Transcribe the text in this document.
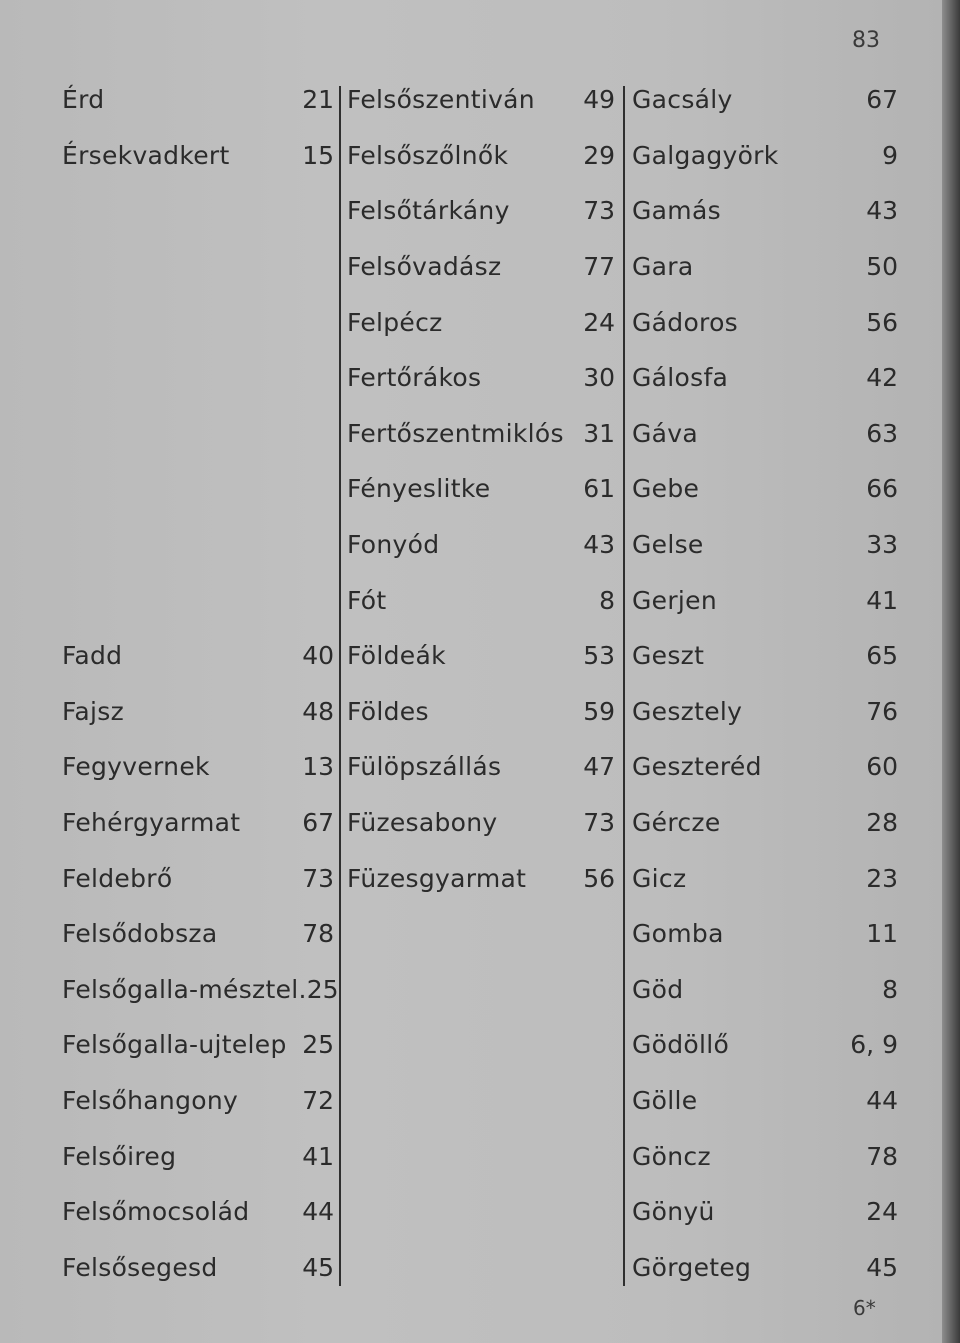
83
Érd	21
Érsekvadkert	15
Fadd	40
Fajsz	48
Fegyvernek	13
Fehérgyarmat 67
Feldebrő	73
Felsődobsza	78
Felsőgalla-mésztel. 25
Felsőgalla-ujtelep 25
Felsőhangony	72
Felsőireg	41
Felsőmocsolád 44
Felsősegesd	45
Felsőszentiván 49
Felsőszőlnők	29
Felsőtárkány	73
Felsővadász	77
Felpécz	24
Fertőrákos	30
Fertőszentmiklós 31
Fényeslitke	61
Fonyód	43
Fót	8
Földeák	53
Földes	59
Fülöpszállás	47
Füzesabony	73
Füzesgyarmat 56
Gacsály	67
Galgagyörk	9
Gamás	43
Gara	50
Gádoros	56
Gálosfa	42
Gáva	63
Gebe	66
Gelse	33
Gerjen	41
Geszt	65
Gesztely	76
Geszteréd	60
Gércze	28
Gicz	23
Gomba	11
Göd	8
Gödöllő	6, 9
Gölle	44
Göncz	78
Gönyü	24
Görgeteg	45
6*
